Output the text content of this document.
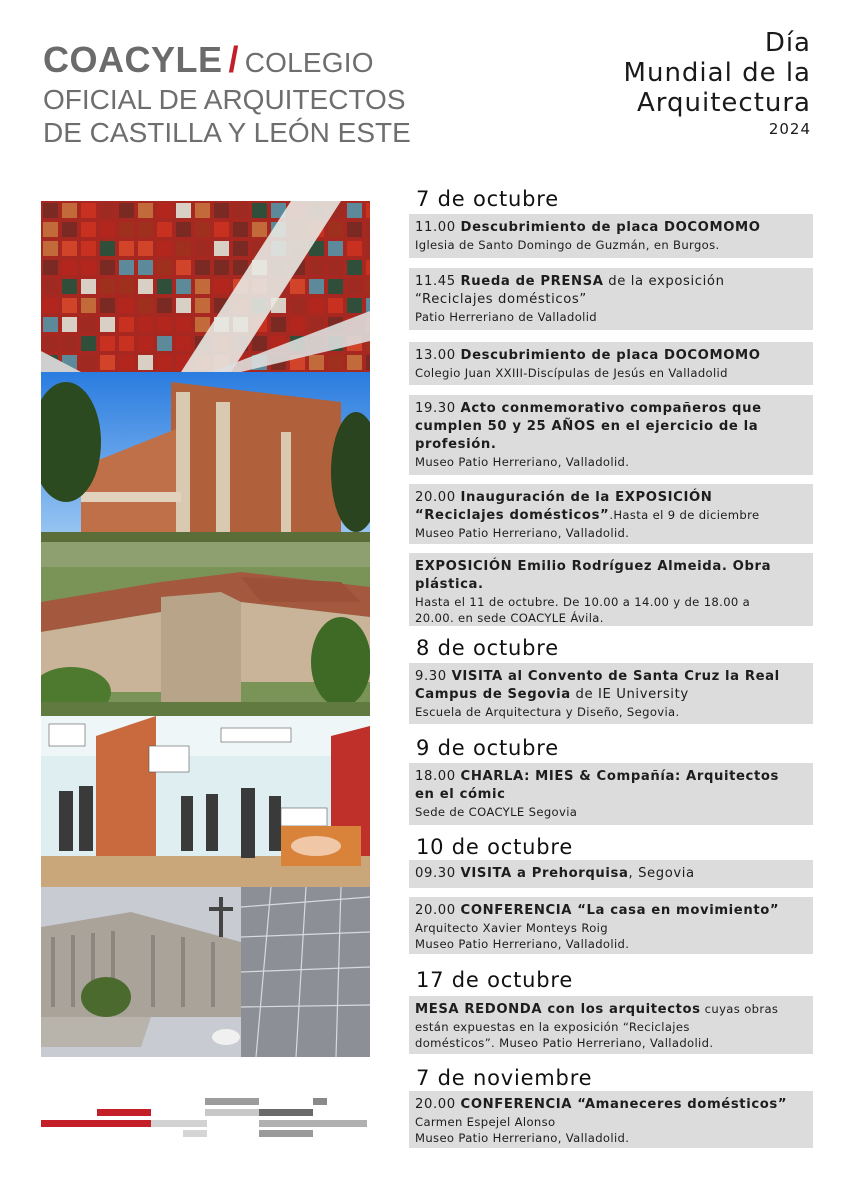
COACYLE / COLEGIO
OFICIAL DE ARQUITECTOS
DE CASTILLA Y LEÓN ESTE
Día
Mundial de la
Arquitectura
2024
7 de octubre
11.00 Descubrimiento de placa DOCOMOMO
Iglesia de Santo Domingo de Guzmán, en Burgos.
11.45 Rueda de PRENSA de la exposición
“Reciclajes domésticos”
Patio Herreriano de Valladolid
13.00 Descubrimiento de placa DOCOMOMO
Colegio Juan XXIII-Discípulas de Jesús en Valladolid
19.30 Acto conmemorativo compañeros que
cumplen 50 y 25 AÑOS en el ejercicio de la
profesión.
Museo Patio Herreriano, Valladolid.
20.00 Inauguración de la EXPOSICIÓN
“Reciclajes domésticos”.Hasta el 9 de diciembre
Museo Patio Herreriano, Valladolid.
EXPOSICIÓN Emilio Rodríguez Almeida. Obra
plástica.
Hasta el 11 de octubre. De 10.00 a 14.00 y de 18.00 a
20.00. en sede COACYLE Ávila.
8 de octubre
9.30 VISITA al Convento de Santa Cruz la Real
Campus de Segovia de IE University
Escuela de Arquitectura y Diseño, Segovia.
9 de octubre
18.00 CHARLA: MIES & Compañía: Arquitectos
en el cómic
Sede de COACYLE Segovia
10 de octubre
09.30 VISITA a Prehorquisa, Segovia
20.00 CONFERENCIA “La casa en movimiento”
Arquitecto Xavier Monteys Roig
Museo Patio Herreriano, Valladolid.
17 de octubre
MESA REDONDA con los arquitectos cuyas obras
están expuestas en la exposición “Reciclajes
domésticos”. Museo Patio Herreriano, Valladolid.
7 de noviembre
20.00 CONFERENCIA “Amaneceres domésticos”
Carmen Espejel Alonso
Museo Patio Herreriano, Valladolid.
